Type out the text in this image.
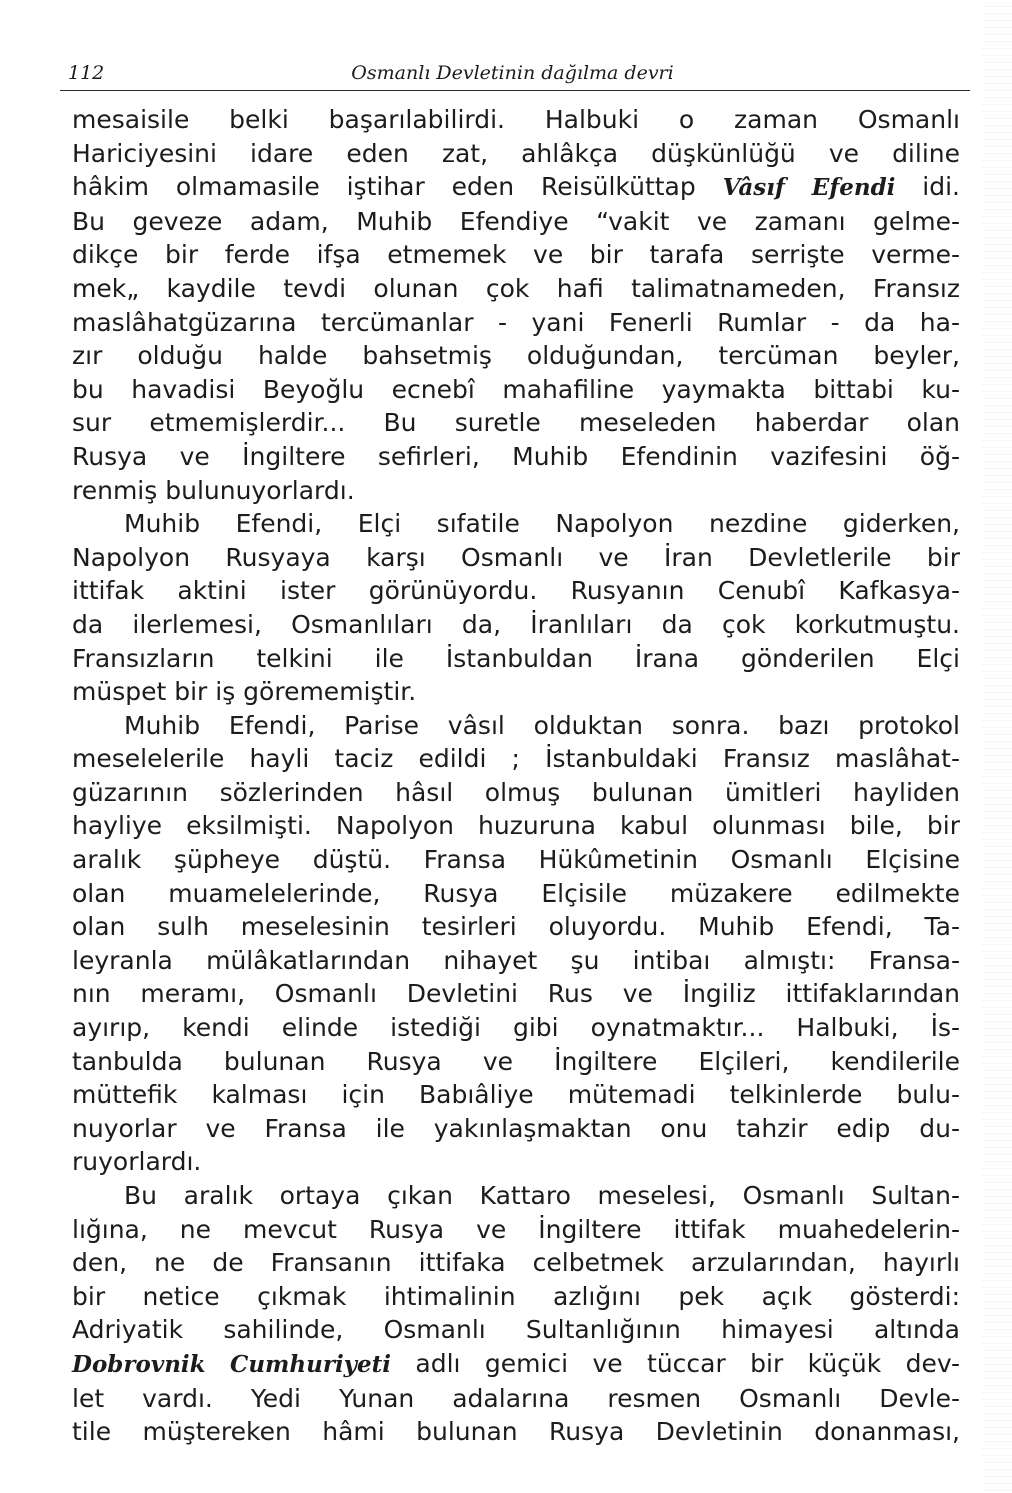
112	Osmanlı Devletinin dağılma devri

mesaisile belki başarılabilirdi. Halbuki o zaman Osmanlı
Hariciyesini idare eden zat, ahlâkça düşkünlüğü ve diline
hâkim olmamasile iştihar eden Reisülküttap Vâsıf Efendi idi.
Bu geveze adam, Muhib Efendiye “vakit ve zamanı gelme-
dikçe bir ferde ifşa etmemek ve bir tarafa serrişte verme-
mek„ kaydile tevdi olunan çok hafi talimatnameden, Fransız
maslâhatgüzarına tercümanlar - yani Fenerli Rumlar - da ha-
zır olduğu halde bahsetmiş olduğundan, tercüman beyler,
bu havadisi Beyoğlu ecnebî mahafiline yaymakta bittabi ku-
sur etmemişlerdir... Bu suretle meseleden haberdar olan
Rusya ve İngiltere sefirleri, Muhib Efendinin vazifesini öğ-
renmiş bulunuyorlardı.

Muhib Efendi, Elçi sıfatile Napolyon nezdine giderken,
Napolyon Rusyaya karşı Osmanlı ve İran Devletlerile bir
ittifak aktini ister görünüyordu. Rusyanın Cenubî Kafkasya-
da ilerlemesi, Osmanlıları da, İranlıları da çok korkutmuştu.
Fransızların telkini ile İstanbuldan İrana gönderilen Elçi
müspet bir iş görememiştir.

Muhib Efendi, Parise vâsıl olduktan sonra. bazı protokol
meselelerile hayli taciz edildi ; İstanbuldaki Fransız maslâhat-
güzarının sözlerinden hâsıl olmuş bulunan ümitleri hayliden
hayliye eksilmişti. Napolyon huzuruna kabul olunması bile, bir
aralık şüpheye düştü. Fransa Hükûmetinin Osmanlı Elçisine
olan muamelelerinde, Rusya Elçisile müzakere edilmekte
olan sulh meselesinin tesirleri oluyordu. Muhib Efendi, Ta-
leyranla mülâkatlarından nihayet şu intibaı almıştı: Fransa-
nın meramı, Osmanlı Devletini Rus ve İngiliz ittifaklarından
ayırıp, kendi elinde istediği gibi oynatmaktır... Halbuki, İs-
tanbulda bulunan Rusya ve İngiltere Elçileri, kendilerile
müttefik kalması için Babıâliye mütemadi telkinlerde bulu-
nuyorlar ve Fransa ile yakınlaşmaktan onu tahzir edip du-
ruyorlardı.

Bu aralık ortaya çıkan Kattaro meselesi, Osmanlı Sultan-
lığına, ne mevcut Rusya ve İngiltere ittifak muahedelerin-
den, ne de Fransanın ittifaka celbetmek arzularından, hayırlı
bir netice çıkmak ihtimalinin azlığını pek açık gösterdi:
Adriyatik sahilinde, Osmanlı Sultanlığının himayesi altında
Dobrovnik Cumhuriyeti adlı gemici ve tüccar bir küçük dev-
let vardı. Yedi Yunan adalarına resmen Osmanlı Devle-
tile müştereken hâmi bulunan Rusya Devletinin donanması,
